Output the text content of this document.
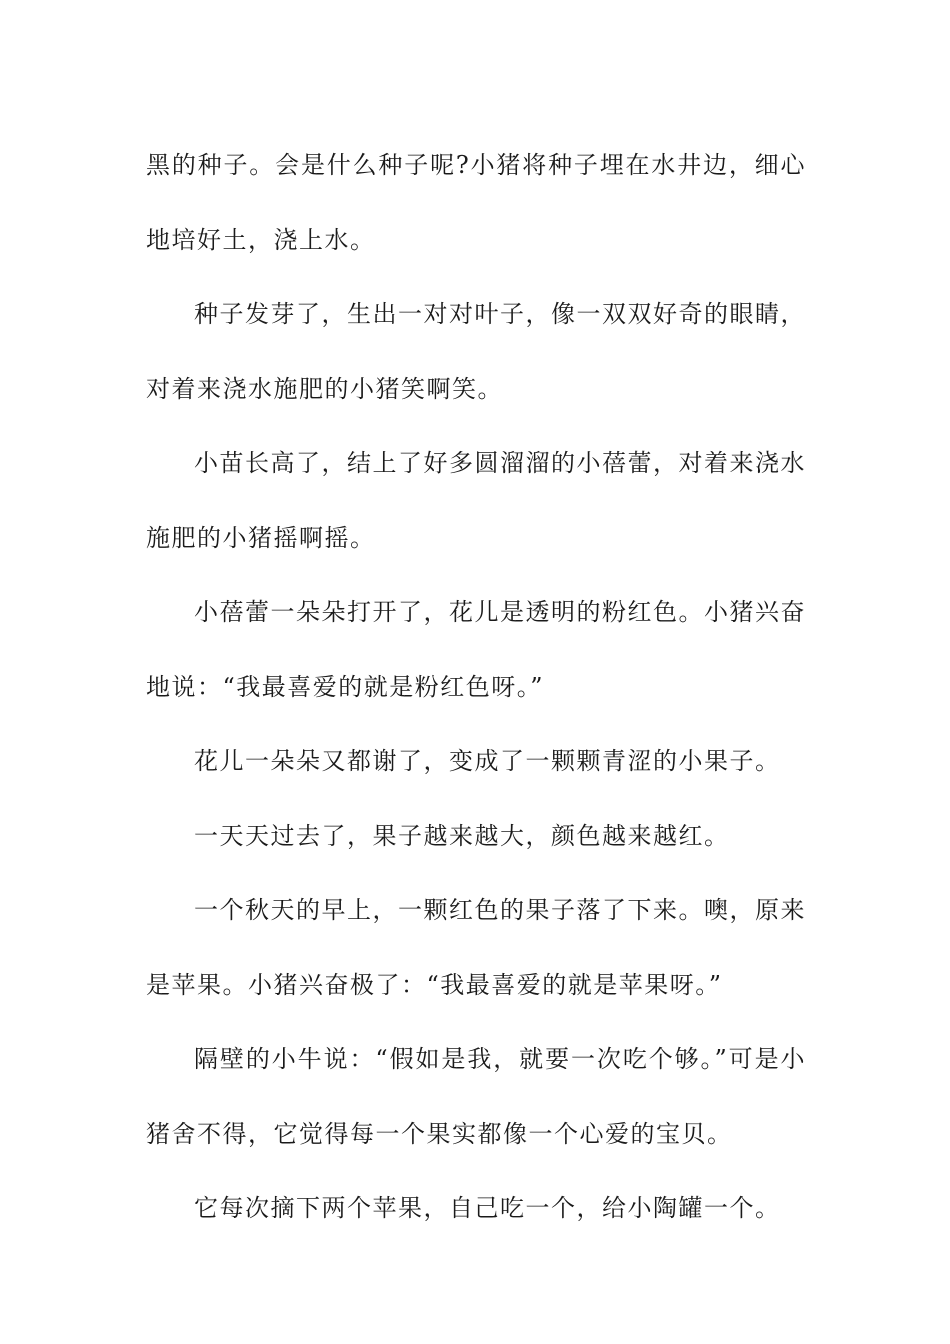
黑的种子。会是什么种子呢?小猪将种子埋在水井边，细心地培好土，浇上水。

种子发芽了，生出一对对叶子，像一双双好奇的眼睛，对着来浇水施肥的小猪笑啊笑。

小苗长高了，结上了好多圆溜溜的小蓓蕾，对着来浇水施肥的小猪摇啊摇。

小蓓蕾一朵朵打开了，花儿是透明的粉红色。小猪兴奋地说：“我最喜爱的就是粉红色呀。”

花儿一朵朵又都谢了，变成了一颗颗青涩的小果子。

一天天过去了，果子越来越大，颜色越来越红。

一个秋天的早上，一颗红色的果子落了下来。噢，原来是苹果。小猪兴奋极了：“我最喜爱的就是苹果呀。”

隔壁的小牛说：“假如是我，就要一次吃个够。”可是小猪舍不得，它觉得每一个果实都像一个心爱的宝贝。

它每次摘下两个苹果，自己吃一个，给小陶罐一个。
